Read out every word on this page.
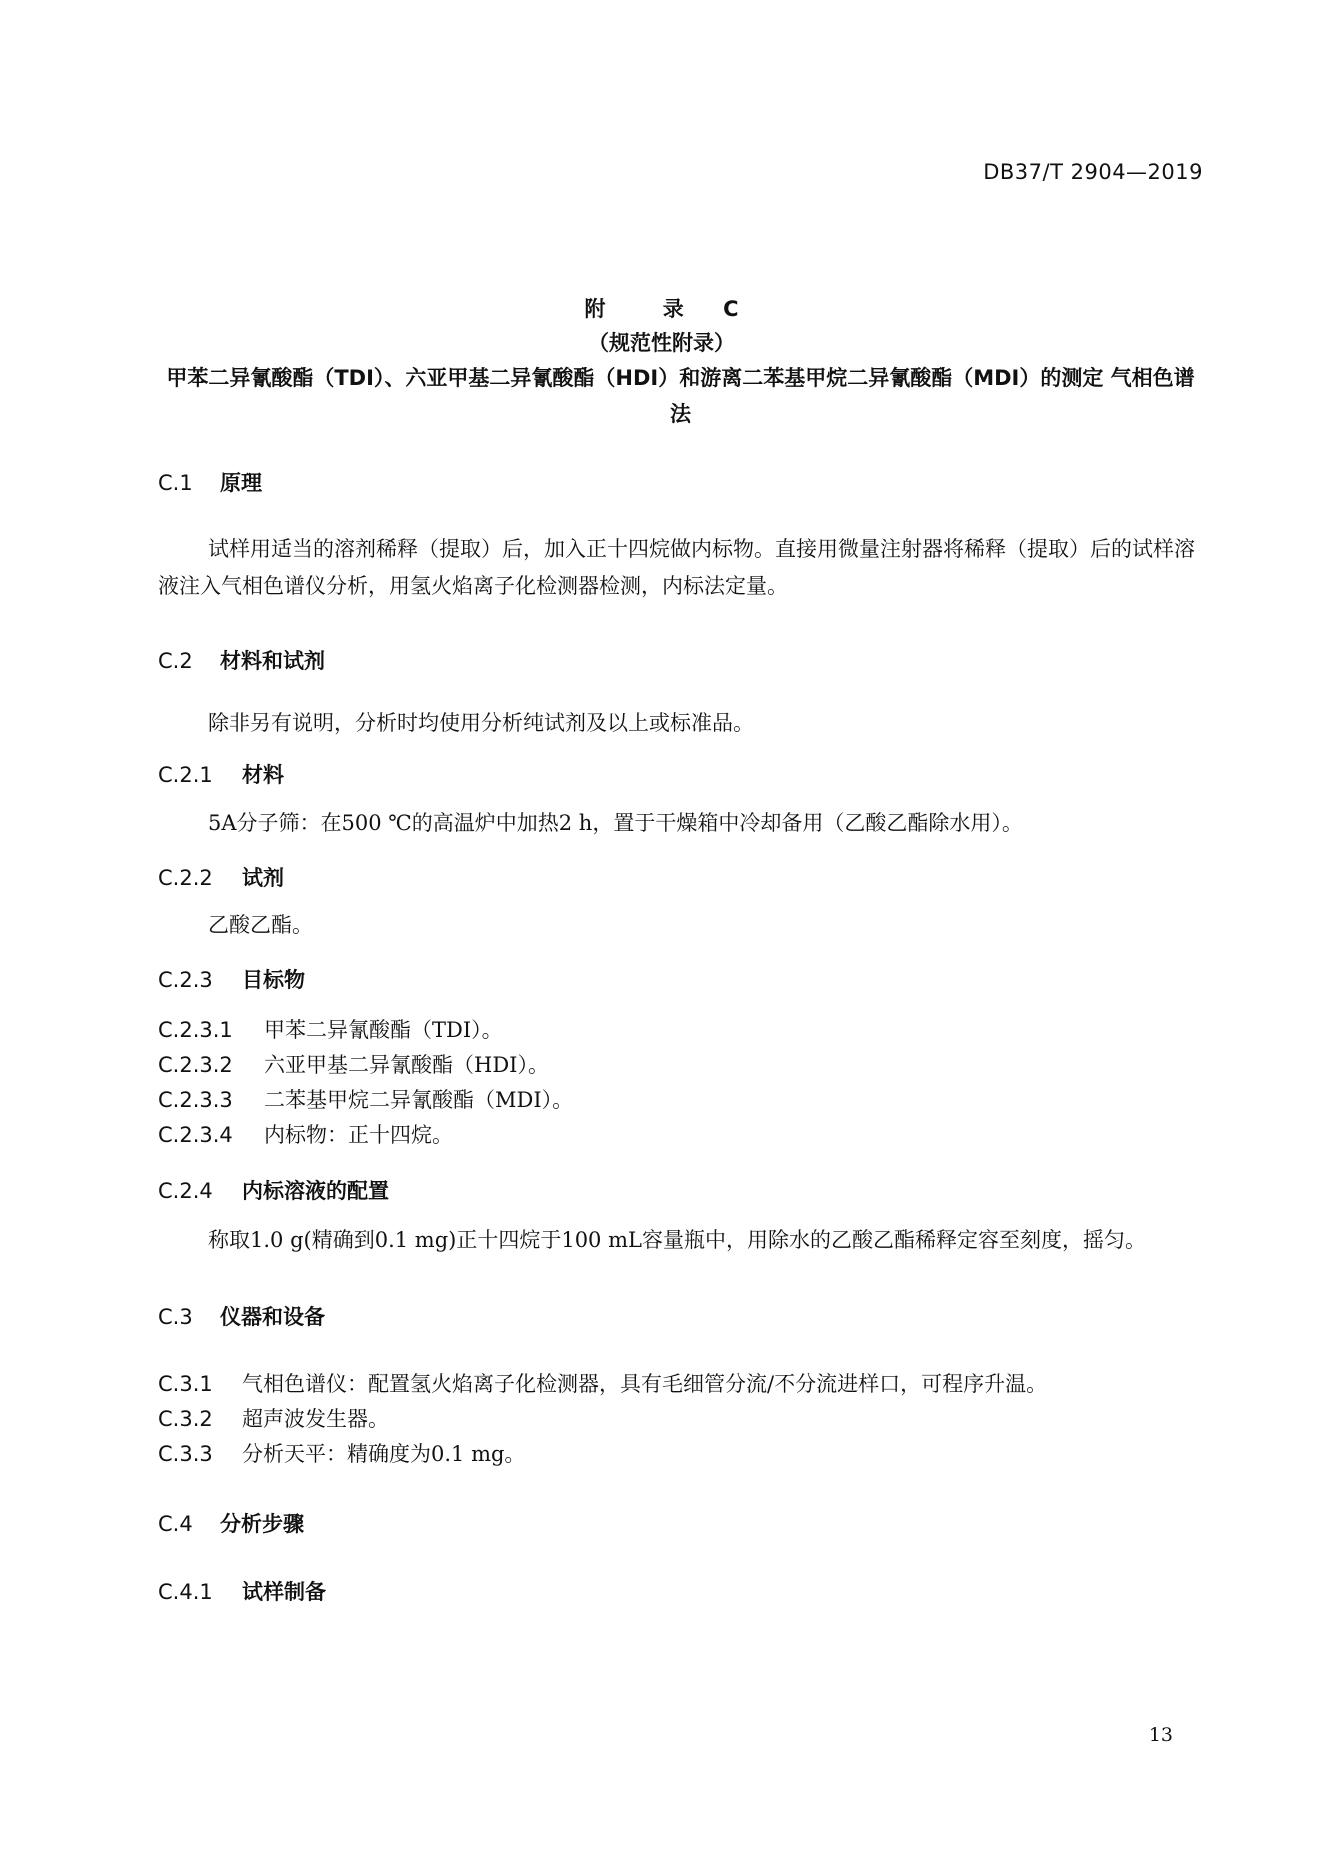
DB37/T 2904—2019
附 录 C
（规范性附录）
甲苯二异氰酸酯（TDI）、六亚甲基二异氰酸酯（HDI）和游离二苯基甲烷二异氰酸酯（MDI）的测定 气相色谱法
C.1 原理
试样用适当的溶剂稀释（提取）后，加入正十四烷做内标物。直接用微量注射器将稀释（提取）后的试样溶液注入气相色谱仪分析，用氢火焰离子化检测器检测，内标法定量。
C.2 材料和试剂
除非另有说明，分析时均使用分析纯试剂及以上或标准品。
C.2.1 材料
5A分子筛：在500 ℃的高温炉中加热2 h，置于干燥箱中冷却备用（乙酸乙酯除水用）。
C.2.2 试剂
乙酸乙酯。
C.2.3 目标物
C.2.3.1 甲苯二异氰酸酯（TDI）。
C.2.3.2 六亚甲基二异氰酸酯（HDI）。
C.2.3.3 二苯基甲烷二异氰酸酯（MDI）。
C.2.3.4 内标物：正十四烷。
C.2.4 内标溶液的配置
称取1.0 g(精确到0.1 mg)正十四烷于100 mL容量瓶中，用除水的乙酸乙酯稀释定容至刻度，摇匀。
C.3 仪器和设备
C.3.1 气相色谱仪：配置氢火焰离子化检测器，具有毛细管分流/不分流进样口，可程序升温。
C.3.2 超声波发生器。
C.3.3 分析天平：精确度为0.1 mg。
C.4 分析步骤
C.4.1 试样制备
13
